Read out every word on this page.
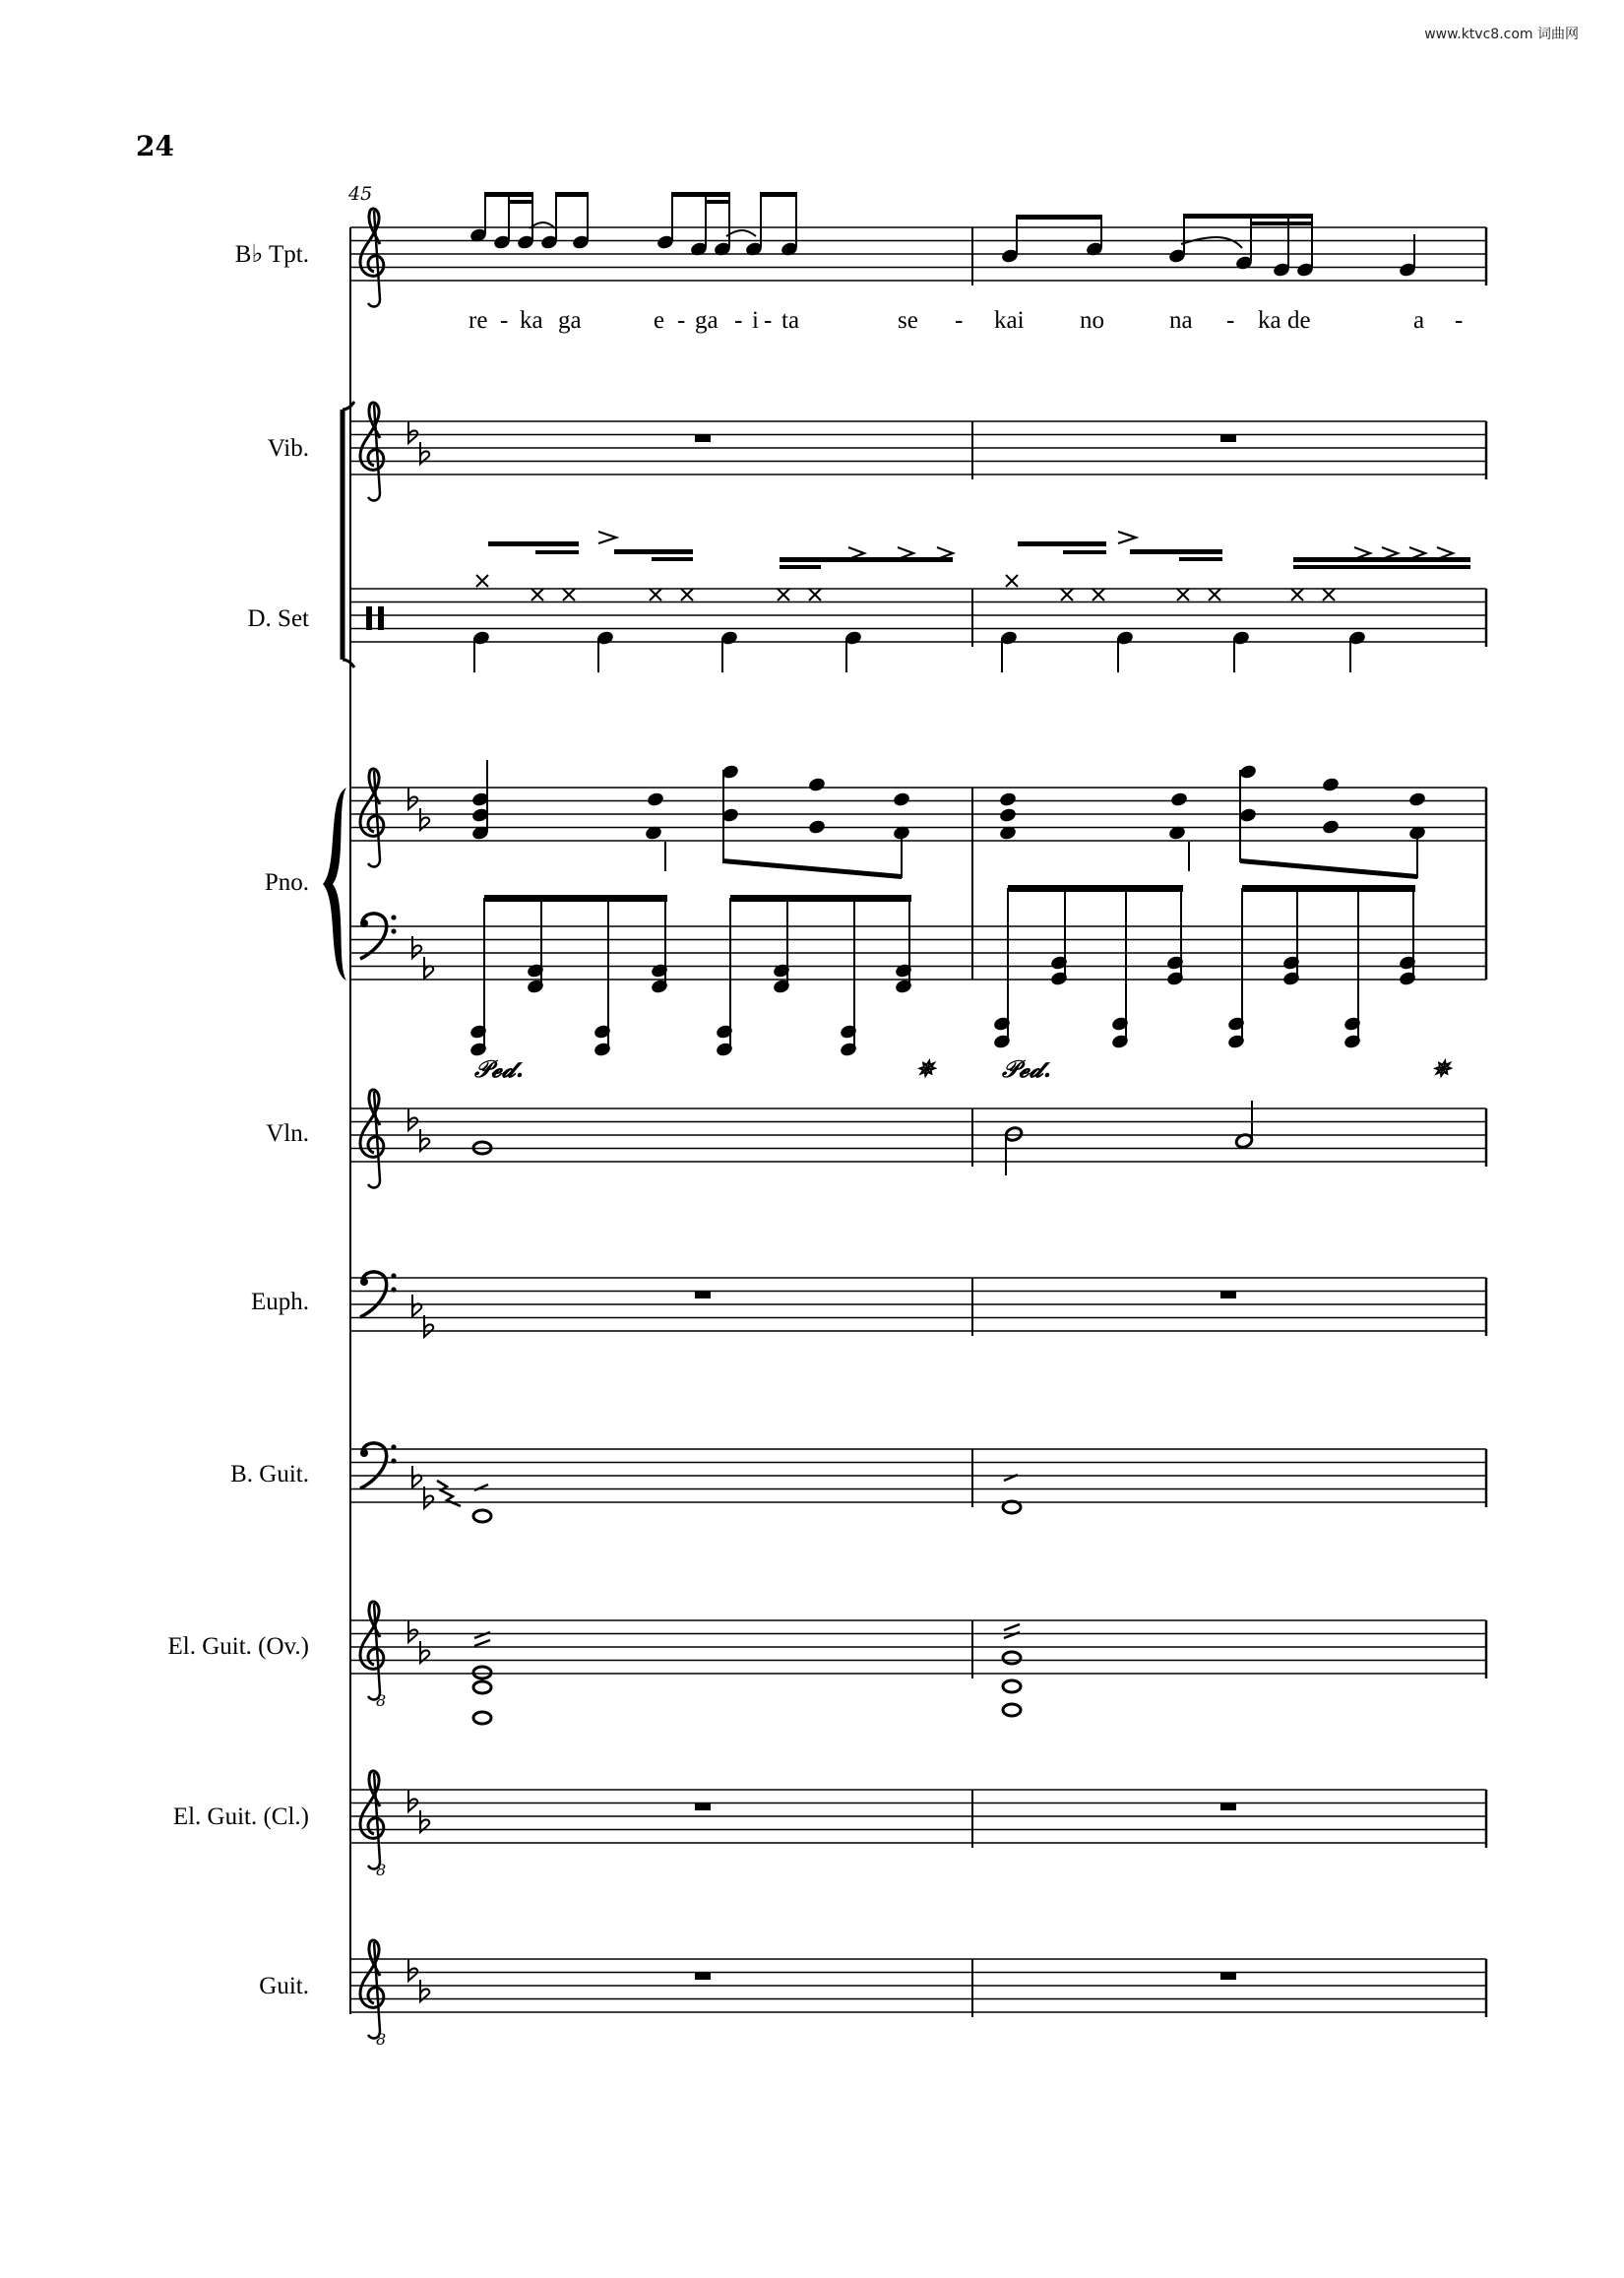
www.ktvc8.com 词曲网
24
45
B♭ Tpt.
Vib.
D. Set
Pno.
Vln.
Euph.
B. Guit.
El. Guit. (Ov.)
El. Guit. (Cl.)
Guit.
re - ka ga	e - ga - i - ta	se - kai no	na - ka de	a -
8
8
8
𝒫𝓮𝓭.	𝒫𝓮𝓭.
✵	✵
